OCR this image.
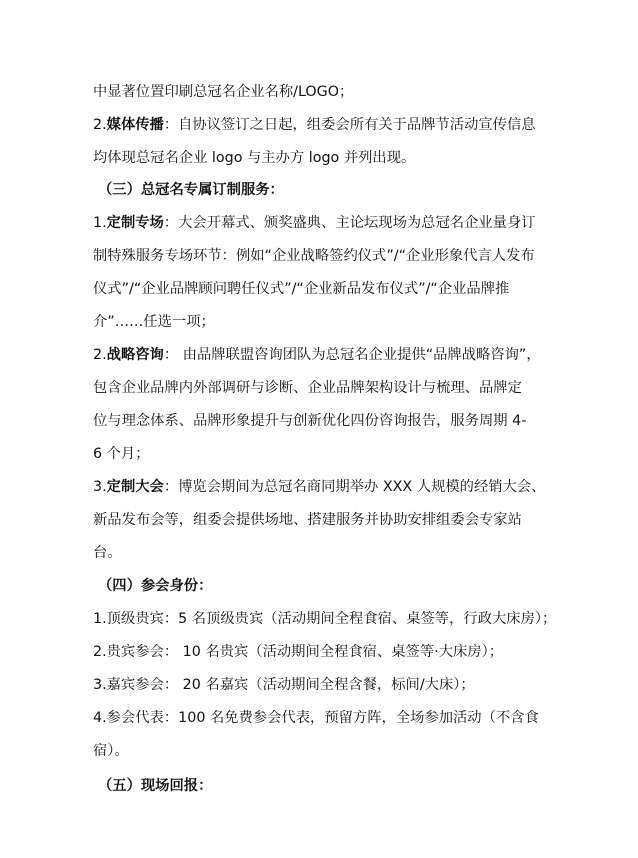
中显著位置印刷总冠名企业名称/LOGO；
2.媒体传播：自协议签订之日起，组委会所有关于品牌节活动宣传信息
均体现总冠名企业 logo 与主办方 logo 并列出现。
（三）总冠名专属订制服务：
1.定制专场：大会开幕式、颁奖盛典、主论坛现场为总冠名企业量身订
制特殊服务专场环节：例如“企业战略签约仪式”/“企业形象代言人发布
仪式”/“企业品牌顾问聘任仪式”/“企业新品发布仪式”/“企业品牌推
介”……任选一项；
2.战略咨询： 由品牌联盟咨询团队为总冠名企业提供“品牌战略咨询”，
包含企业品牌内外部调研与诊断、企业品牌架构设计与梳理、品牌定
位与理念体系、品牌形象提升与创新优化四份咨询报告，服务周期 4-
6 个月；
3.定制大会：博览会期间为总冠名商同期举办 XXX 人规模的经销大会、
新品发布会等，组委会提供场地、搭建服务并协助安排组委会专家站
台。
（四）参会身份：
1.顶级贵宾：5 名顶级贵宾（活动期间全程食宿、桌签等，行政大床房）；
2.贵宾参会： 10 名贵宾（活动期间全程食宿、桌签等·大床房）；
3.嘉宾参会： 20 名嘉宾（活动期间全程含餐，标间/大床）；
4.参会代表：100 名免费参会代表，预留方阵，全场参加活动（不含食
宿）。
（五）现场回报：
